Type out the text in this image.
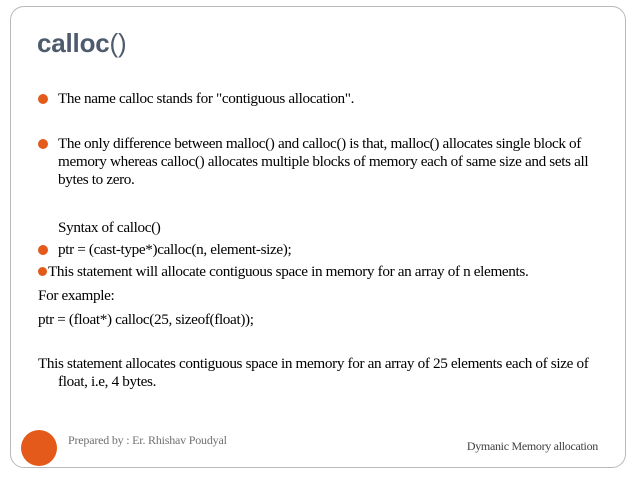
calloc()
The name calloc stands for "contiguous allocation".
The only difference between malloc() and calloc() is that, malloc() allocates single block of memory whereas calloc() allocates multiple blocks of memory each of same size and sets all bytes to zero.
Syntax of calloc()
ptr = (cast-type*)calloc(n, element-size);
This statement will allocate contiguous space in memory for an array of n elements.
For example:
ptr = (float*) calloc(25, sizeof(float));
This statement allocates contiguous space in memory for an array of 25 elements each of size of float, i.e, 4 bytes.
Prepared by : Er. Rhishav Poudyal	Dymanic Memory allocation
